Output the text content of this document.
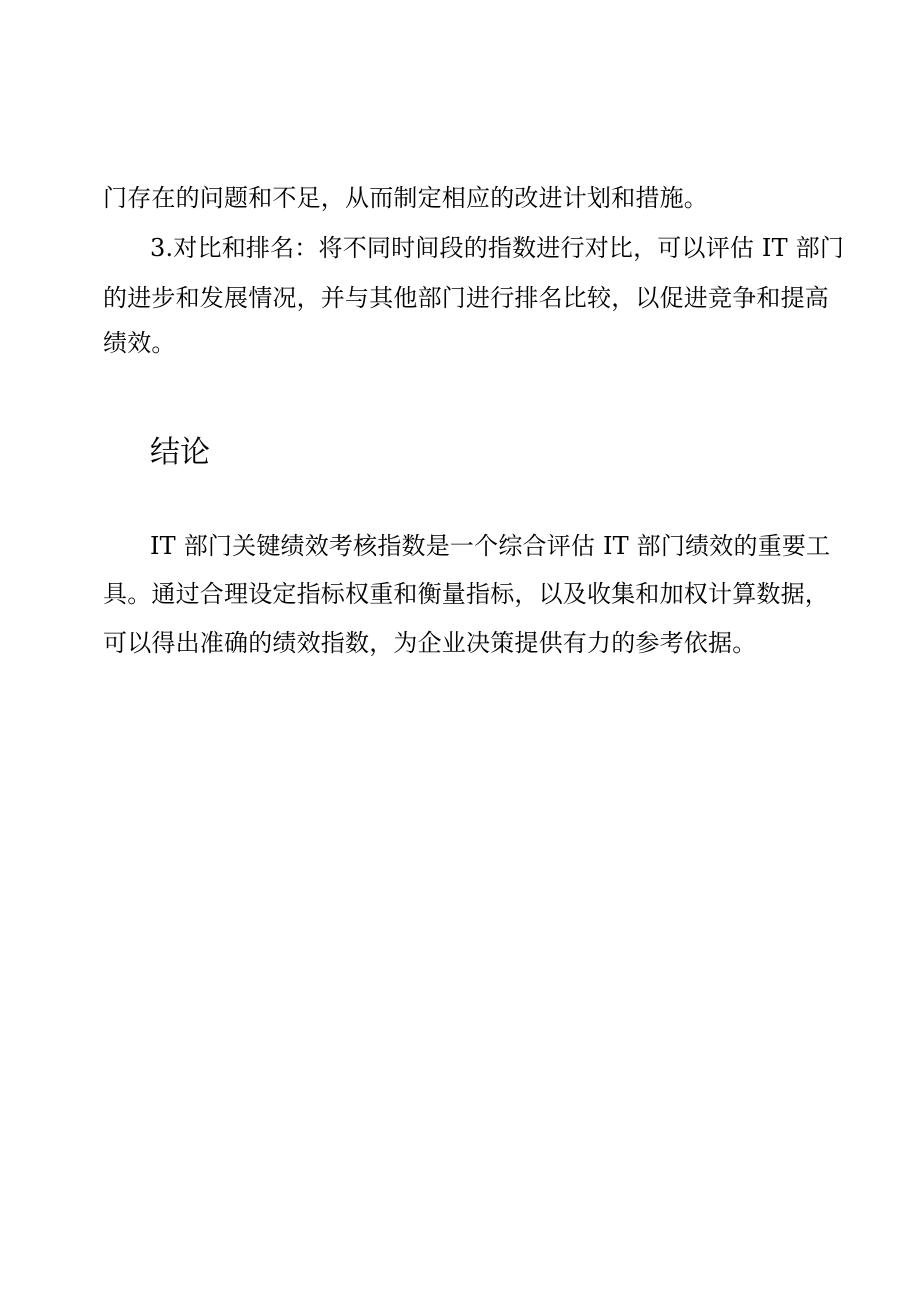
门存在的问题和不足，从而制定相应的改进计划和措施。
3.对比和排名：将不同时间段的指数进行对比，可以评估 IT 部门
的进步和发展情况，并与其他部门进行排名比较，以促进竞争和提高
绩效。
结论
IT 部门关键绩效考核指数是一个综合评估 IT 部门绩效的重要工
具。通过合理设定指标权重和衡量指标，以及收集和加权计算数据，
可以得出准确的绩效指数，为企业决策提供有力的参考依据。
